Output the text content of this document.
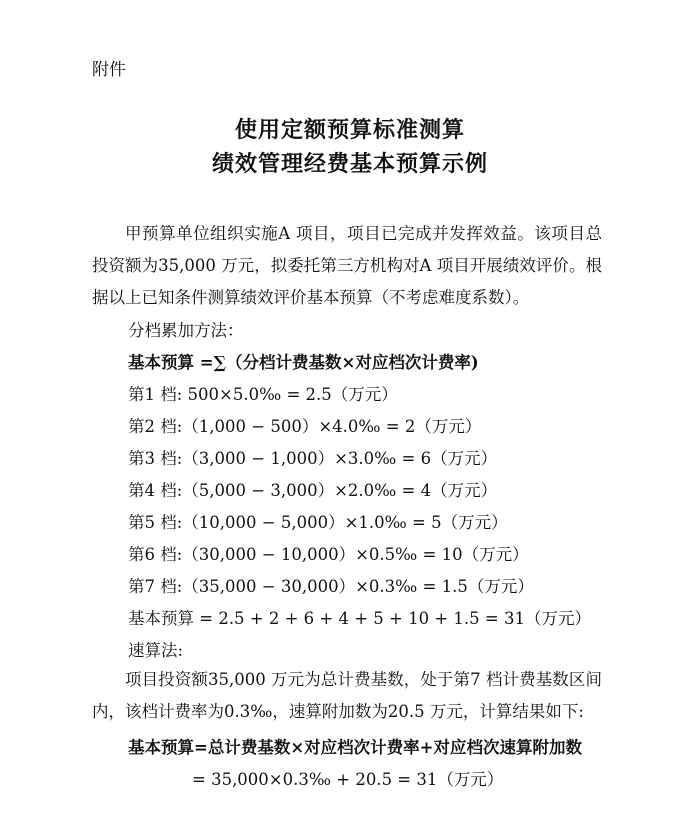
附件
使用定额预算标准测算
绩效管理经费基本预算示例
甲预算单位组织实施A 项目，项目已完成并发挥效益。该项目总投资额为35,000 万元，拟委托第三方机构对A 项目开展绩效评价。根据以上已知条件测算绩效评价基本预算（不考虑难度系数）。
分档累加方法：
基本预算 =∑（分档计费基数×对应档次计费率)
第1 档: 500×5.0‰ = 2.5（万元）
第2 档:（1,000 − 500）×4.0‰ = 2（万元）
第3 档:（3,000 − 1,000）×3.0‰ = 6（万元）
第4 档:（5,000 − 3,000）×2.0‰ = 4（万元）
第5 档:（10,000 − 5,000）×1.0‰ = 5（万元）
第6 档:（30,000 − 10,000）×0.5‰ = 10（万元）
第7 档:（35,000 − 30,000）×0.3‰ = 1.5（万元）
基本预算 = 2.5 + 2 + 6 + 4 + 5 + 10 + 1.5 = 31（万元）
速算法:
项目投资额35,000 万元为总计费基数，处于第7 档计费基数区间内，该档计费率为0.3‰，速算附加数为20.5 万元，计算结果如下:
基本预算=总计费基数×对应档次计费率+对应档次速算附加数
= 35,000×0.3‰ + 20.5 = 31（万元）
